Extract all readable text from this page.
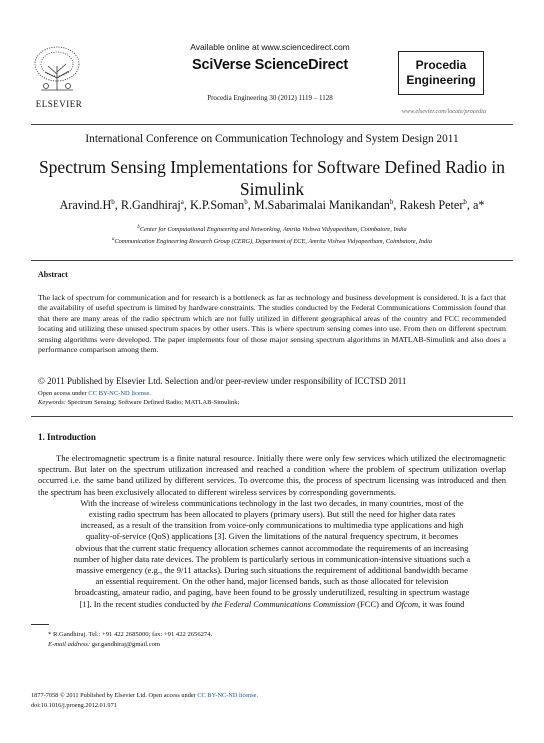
ELSEVIER
Available online at www.sciencedirect.com
SciVerse ScienceDirect
Procedia Engineering 30 (2012) 1119 – 1128
Procedia
Engineering
www.elsevier.com/locate/procedia
International Conference on Communication Technology and System Design 2011
Spectrum Sensing Implementations for Software Defined Radio in
Simulink
$Aravind.H^b$, R.Gandhiraj$^a$, K.P.Soman$^b$, M.Sabarimalai Manikandan$^b$, Rakesh Peter$^b$, a*
$^b$Center for Computational Engineering and Networking, Amrita Vishwa Vidyapeetham, Coimbatore, India
$^a$Communication Engineering Research Group (CERG), Department of ECE, Amrita Vishwa Vidyapeetham, Coimbatore, India
Abstract
The lack of spectrum for communication and for research is a bottleneck as far as technology and business development is considered. It is a fact that the availability of useful spectrum is limited by hardware constraints. The studies conducted by the Federal Communications Commission found that that there are many areas of the radio spectrum which are not fully utilized in different geographical areas of the country and FCC recommended locating and utilizing these unused spectrum spaces by other users. This is where spectrum sensing comes into use. From then on different spectrum sensing algorithms were developed. The paper implements four of those major sensing spectrum algorithms in MATLAB-Simulink and also does a performance comparison among them.
© 2011 Published by Elsevier Ltd. Selection and/or peer-review under responsibility of ICCTSD 2011
Open access under CC BY-NC-ND license.
Keywords: Spectrum Sensing; Software Defined Radio; MATLAB-Simulink;
1. Introduction

The electromagnetic spectrum is a finite natural resource. Initially there were only few services which utilized the electromagnetic spectrum. But later on the spectrum utilization increased and reached a condition where the problem of spectrum utilization overlap occurred i.e. the same band utilized by different services. To overcome this, the process of spectrum licensing was introduced and then the spectrum has been exclusively allocated to different wireless services by corresponding governments.

With the increase of wireless communications technology in the last two decades, in many countries, most of the
existing radio spectrum has been allocated to players (primary users). But still the need for higher data rates
increased, as a result of the transition from voice-only communications to multimedia type applications and high
quality-of-service (QoS) applications [3]. Given the limitations of the natural frequency spectrum, it becomes
obvious that the current static frequency allocation schemes cannot accommodate the requirements of an increasing
number of higher data rate devices. The problem is particularly serious in communication-intensive situations such a
massive emergency (e.g., the 9/11 attacks). During such situations the requirement of additional bandwidth became
an essential requirement. On the other hand, major licensed bands, such as those allocated for television
broadcasting, amateur radio, and paging, have been found to be grossly underutilized, resulting in spectrum wastage
[1]. In the recent studies conducted by the Federal Communications Commission (FCC) and Ofcom, it was found
* R.Gandhiraj. Tel.: +91 422 2685000; fax: +91 422 2656274.
E-mail address: gsr.gandhiraj@gmail.com
1877-7058 © 2011 Published by Elsevier Ltd. Open access under CC BY-NC-ND license.
doi:10.1016/j.proeng.2012.01.971
